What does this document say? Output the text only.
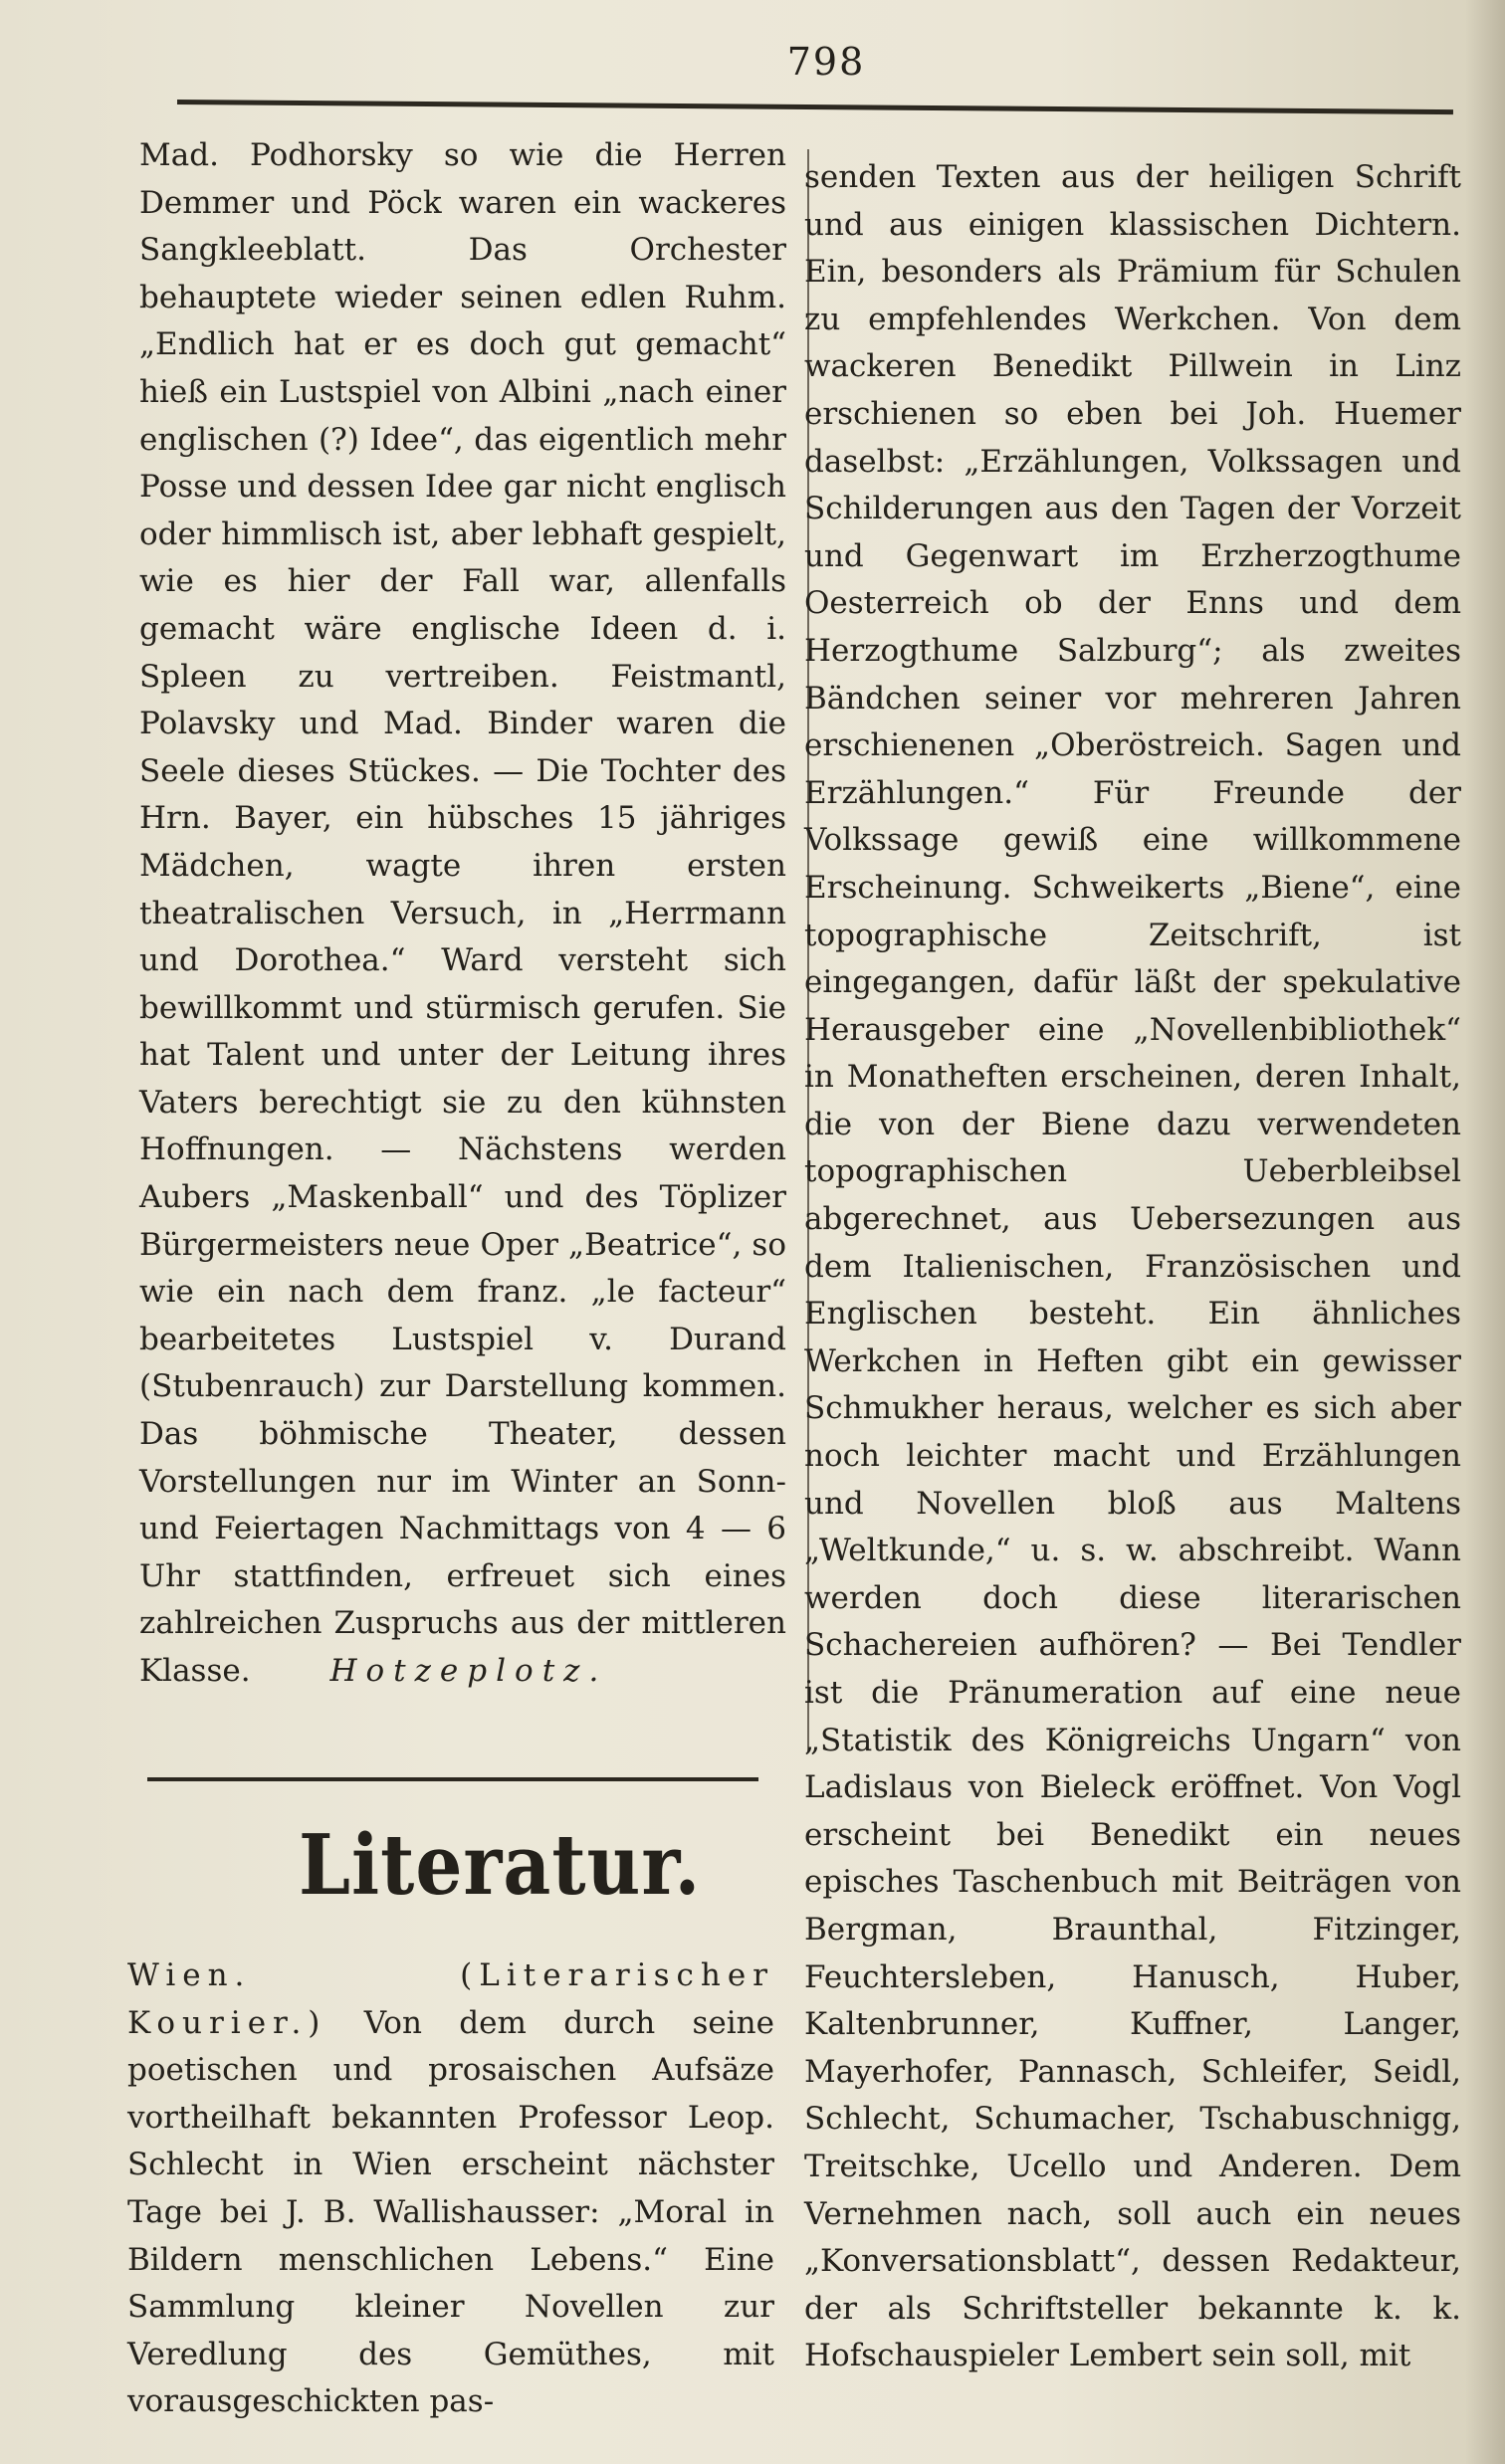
798

Mad. Podhorsky so wie die Herren Demmer und Pöck waren ein wackeres Sangkleeblatt. Das Orchester behauptete wieder seinen edlen Ruhm. „Endlich hat er es doch gut gemacht“ hieß ein Lustspiel von Albini „nach einer englischen (?) Idee“, das eigentlich mehr Posse und dessen Idee gar nicht englisch oder himmlisch ist, aber lebhaft gespielt, wie es hier der Fall war, allenfalls gemacht wäre englische Ideen d. i. Spleen zu vertreiben. Feistmantl, Polavsky und Mad. Binder waren die Seele dieses Stückes. — Die Tochter des Hrn. Bayer, ein hübsches 15 jähriges Mädchen, wagte ihren ersten theatralischen Versuch, in „Herrmann und Dorothea.“ Ward versteht sich bewillkommt und stürmisch gerufen. Sie hat Talent und unter der Leitung ihres Vaters berechtigt sie zu den kühnsten Hoffnungen. — Nächstens werden Aubers „Maskenball“ und des Töplizer Bürgermeisters neue Oper „Beatrice“, so wie ein nach dem franz. „le facteur“ bearbeitetes Lustspiel v. Durand (Stubenrauch) zur Darstellung kommen. Das böhmische Theater, dessen Vorstellungen nur im Winter an Sonn- und Feiertagen Nachmittags von 4 — 6 Uhr stattfinden, erfreuet sich eines zahlreichen Zuspruchs aus der mittleren Klasse.	Hotzeplotz.

Literatur.

Wien. (Literarischer Kourier.) Von dem durch seine poetischen und prosaischen Aufsäze vortheilhaft bekannten Professor Leop. Schlecht in Wien erscheint nächster Tage bei J. B. Wallishausser: „Moral in Bildern menschlichen Lebens.“ Eine Sammlung kleiner Novellen zur Veredlung des Gemüthes, mit vorausgeschickten pas-

senden Texten aus der heiligen Schrift und aus einigen klassischen Dichtern. Ein, besonders als Prämium für Schulen zu empfehlendes Werkchen. Von dem wackeren Benedikt Pillwein in Linz erschienen so eben bei Joh. Huemer daselbst: „Erzählungen, Volkssagen und Schilderungen aus den Tagen der Vorzeit und Gegenwart im Erzherzogthume Oesterreich ob der Enns und dem Herzogthume Salzburg“; als zweites Bändchen seiner vor mehreren Jahren erschienenen „Oberöstreich. Sagen und Erzählungen.“ Für Freunde der Volkssage gewiß eine willkommene Erscheinung. Schweikerts „Biene“, eine topographische Zeitschrift, ist eingegangen, dafür läßt der spekulative Herausgeber eine „Novellenbibliothek“ in Monatheften erscheinen, deren Inhalt, die von der Biene dazu verwendeten topographischen Ueberbleibsel abgerechnet, aus Uebersezungen aus dem Italienischen, Französischen und Englischen besteht. Ein ähnliches Werkchen in Heften gibt ein gewisser Schmukher heraus, welcher es sich aber noch leichter macht und Erzählungen und Novellen bloß aus Maltens „Weltkunde,“ u. s. w. abschreibt. Wann werden doch diese literarischen Schachereien aufhören? — Bei Tendler ist die Pränumeration auf eine neue „Statistik des Königreichs Ungarn“ von Ladislaus von Bieleck eröffnet. Von Vogl erscheint bei Benedikt ein neues episches Taschenbuch mit Beiträgen von Bergman, Braunthal, Fitzinger, Feuchtersleben, Hanusch, Huber, Kaltenbrunner, Kuffner, Langer, Mayerhofer, Pannasch, Schleifer, Seidl, Schlecht, Schumacher, Tschabuschnigg, Treitschke, Ucello und Anderen. Dem Vernehmen nach, soll auch ein neues „Konversationsblatt“, dessen Redakteur, der als Schriftsteller bekannte k. k. Hofschauspieler Lembert sein soll, mit
